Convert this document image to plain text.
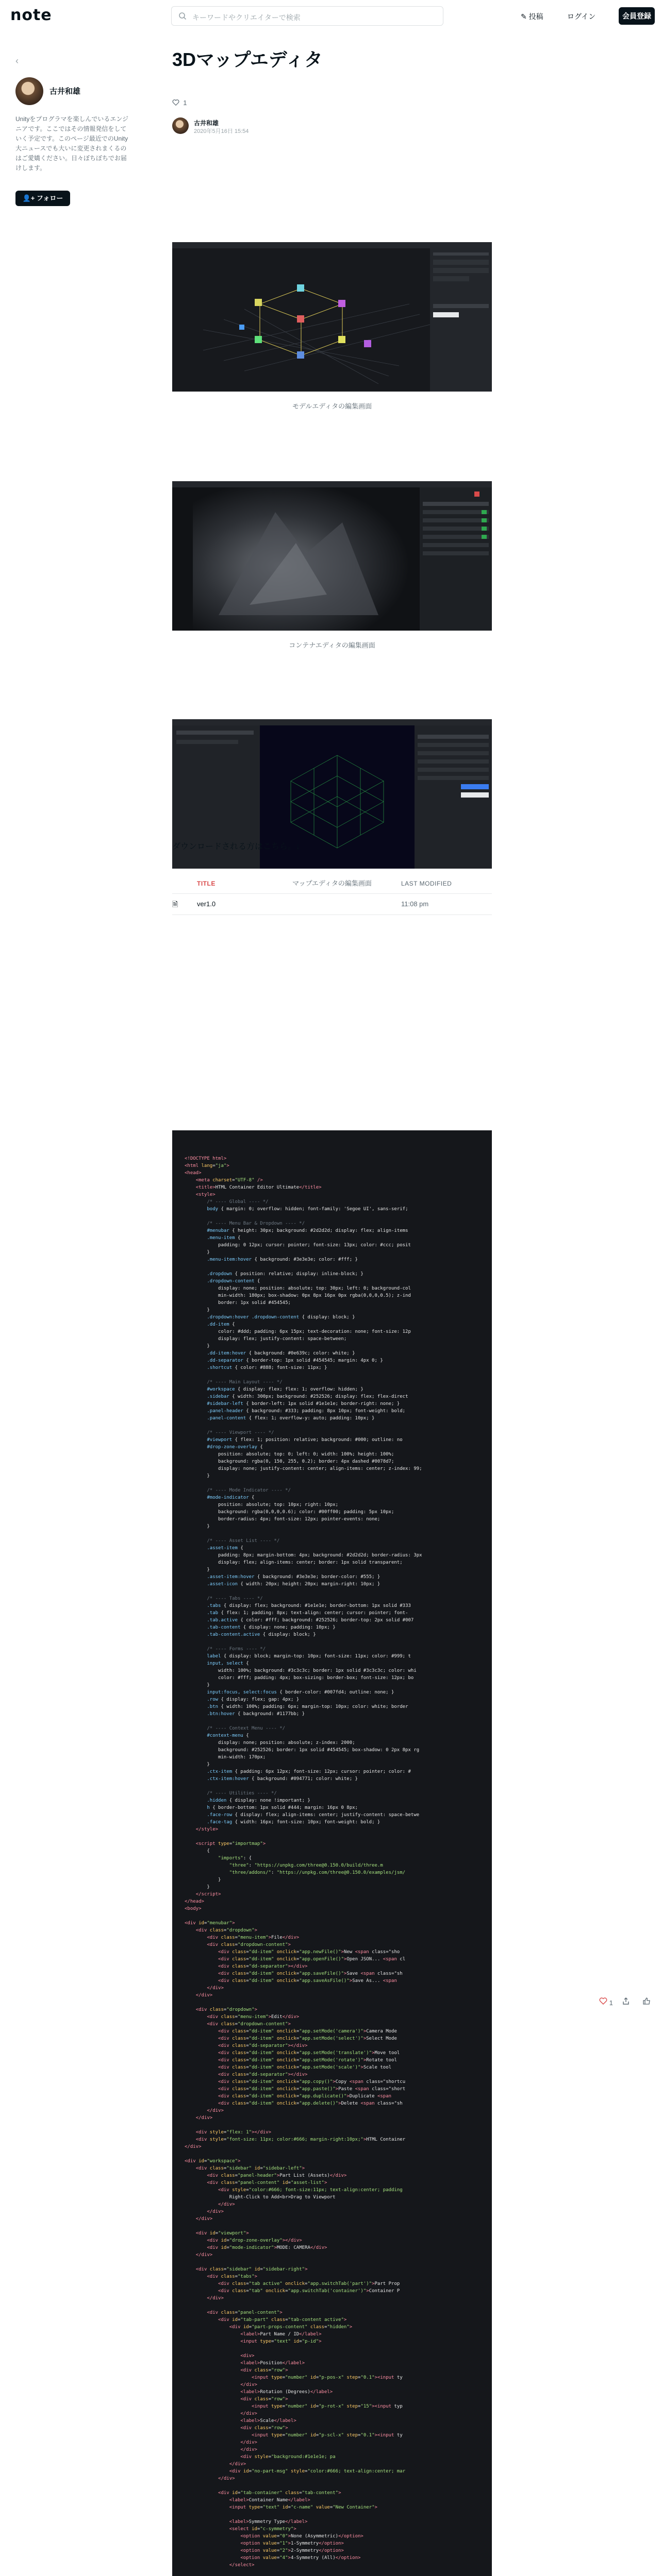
note	キーワードやクリエイターで検索	✎ 投稿	ログイン	会員登録
‹
古井和雄
Unityをプログラマを楽しんでいるエンジニアです。ここではその情報発信をしていく予定です。このページ最近でのUnity大ニュースでも大いに変更されまくるのはご愛嬌ください。日々ぼちぼちでお届けします。
👤+ フォロー
3Dマップエディタ
1
古井和雄
2020年5月16日 15:54
モデルエディタの編集画面
コンテナエディタの編集画面
マップエディタの編集画面
ダウンロードされる方はこちら。↓
TITLE	LAST MODIFIED
🗎	ver1.0	11:08 pm
<!DOCTYPE html>
<html lang="ja">
<head>
<meta charset="UTF-8" />
<title>HTML Container Editor Ultimate</title>
<style>
/* ---- Global ---- */
body { margin: 0; overflow: hidden; font-family: 'Segoe UI', sans-serif;

/* ---- Menu Bar & Dropdown ---- */
#menubar { height: 30px; background: #2d2d2d; display: flex; align-items
.menu-item {
padding: 0 12px; cursor: pointer; font-size: 13px; color: #ccc; posit
}
.menu-item:hover { background: #3e3e3e; color: #fff; }

.dropdown { position: relative; display: inline-block; }
.dropdown-content {
display: none; position: absolute; top: 30px; left: 0; background-col
min-width: 180px; box-shadow: 0px 8px 16px 0px rgba(0,0,0,0.5); z-ind
border: 1px solid #454545;
}
.dropdown:hover .dropdown-content { display: block; }
.dd-item {
color: #ddd; padding: 6px 15px; text-decoration: none; font-size: 12p
display: flex; justify-content: space-between;
}
.dd-item:hover { background: #0e639c; color: white; }
.dd-separator { border-top: 1px solid #454545; margin: 4px 0; }
.shortcut { color: #888; font-size: 11px; }

/* ---- Main Layout ---- */
#workspace { display: flex; flex: 1; overflow: hidden; }
.sidebar { width: 300px; background: #252526; display: flex; flex-direct
#sidebar-left { border-left: 1px solid #1e1e1e; border-right: none; }
.panel-header { background: #333; padding: 8px 10px; font-weight: bold;
.panel-content { flex: 1; overflow-y: auto; padding: 10px; }

/* ---- Viewport ---- */
#viewport { flex: 1; position: relative; background: #000; outline: no
#drop-zone-overlay {
position: absolute; top: 0; left: 0; width: 100%; height: 100%;
background: rgba(0, 150, 255, 0.2); border: 4px dashed #0078d7;
display: none; justify-content: center; align-items: center; z-index: 99;
}

/* ---- Mode Indicator ---- */
#mode-indicator {
position: absolute; top: 10px; right: 10px;
background: rgba(0,0,0,0.6); color: #00ff00; padding: 5px 10px;
border-radius: 4px; font-size: 12px; pointer-events: none;
}

/* ---- Asset List ---- */
.asset-item {
padding: 8px; margin-bottom: 4px; background: #2d2d2d; border-radius: 3px
display: flex; align-items: center; border: 1px solid transparent;
}
.asset-item:hover { background: #3e3e3e; border-color: #555; }
.asset-icon { width: 20px; height: 20px; margin-right: 10px; }

/* ---- Tabs ---- */
.tabs { display: flex; background: #1e1e1e; border-bottom: 1px solid #333
.tab { flex: 1; padding: 8px; text-align: center; cursor: pointer; font-
.tab.active { color: #fff; background: #252526; border-top: 2px solid #007
.tab-content { display: none; padding: 10px; }
.tab-content.active { display: block; }

/* ---- Forms ---- */
label { display: block; margin-top: 10px; font-size: 11px; color: #999; t
input, select {
width: 100%; background: #3c3c3c; border: 1px solid #3c3c3c; color: whi
color: #fff; padding: 4px; box-sizing: border-box; font-size: 12px; bo
}
input:focus, select:focus { border-color: #007fd4; outline: none; }
.row { display: flex; gap: 4px; }
.btn { width: 100%; padding: 6px; margin-top: 10px; color: white; border
.btn:hover { background: #1177bb; }

/* ---- Context Menu ---- */
#context-menu {
display: none; position: absolute; z-index: 2000;
background: #252526; border: 1px solid #454545; box-shadow: 0 2px 8px rg
min-width: 170px;
}
.ctx-item { padding: 6px 12px; font-size: 12px; cursor: pointer; color: #
.ctx-item:hover { background: #094771; color: white; }

/* ---- Utilities ---- */
.hidden { display: none !important; }
h { border-bottom: 1px solid #444; margin: 16px 0 8px;
.face-row { display: flex; align-items: center; justify-content: space-betwe
.face-tag { width: 16px; font-size: 10px; font-weight: bold; }
</style>

<script type="importmap">
{
"imports": {
"three": "https://unpkg.com/three@0.150.0/build/three.m
"three/addons/": "https://unpkg.com/three@0.150.0/examples/jsm/
}
}
</script>
</head>
<body>

<div id="menubar">
<div class="dropdown">
<div class="menu-item">File</div>
<div class="dropdown-content">
<div class="dd-item" onclick="app.newFile()">New <span class="sho
<div class="dd-item" onclick="app.openFile()">Open JSON... <span cl
<div class="dd-separator"></div>
<div class="dd-item" onclick="app.saveFile()">Save <span class="sh
<div class="dd-item" onclick="app.saveAsFile()">Save As... <span
</div>
</div>

<div class="dropdown">
<div class="menu-item">Edit</div>
<div class="dropdown-content">
<div class="dd-item" onclick="app.setMode('camera')">Camera Mode
<div class="dd-item" onclick="app.setMode('select')">Select Mode
<div class="dd-separator"></div>
<div class="dd-item" onclick="app.setMode('translate')">Move tool
<div class="dd-item" onclick="app.setMode('rotate')">Rotate tool
<div class="dd-item" onclick="app.setMode('scale')">Scale tool
<div class="dd-separator"></div>
<div class="dd-item" onclick="app.copy()">Copy <span class="shortcu
<div class="dd-item" onclick="app.paste()">Paste <span class="short
<div class="dd-item" onclick="app.duplicate()">Duplicate <span
<div class="dd-item" onclick="app.delete()">Delete <span class="sh
</div>
</div>

<div style="flex: 1"></div>
<div style="font-size: 11px; color:#666; margin-right:10px;">HTML Container
</div>

<div id="workspace">
<div class="sidebar" id="sidebar-left">
<div class="panel-header">Part List (Assets)</div>
<div class="panel-content" id="asset-list">
<div style="color:#666; font-size:11px; text-align:center; padding
Right-Click to Add<br>Drag to Viewport
</div>
</div>
</div>

<div id="viewport">
<div id="drop-zone-overlay"></div>
<div id="mode-indicator">MODE: CAMERA</div>
</div>

<div class="sidebar" id="sidebar-right">
<div class="tabs">
<div class="tab active" onclick="app.switchTab('part')">Part Prop
<div class="tab" onclick="app.switchTab('container')">Container P
</div>

<div class="panel-content">
<div id="tab-part" class="tab-content active">
<div id="part-props-content" class="hidden">
<label>Part Name / ID</label>
<input type="text" id="p-id">

<div>
<label>Position</label>
<div class="row">
<input type="number" id="p-pos-x" step="0.1"><input ty
</div>
<label>Rotation (Degrees)</label>
<div class="row">
<input type="number" id="p-rot-x" step="15"><input typ
</div>
<label>Scale</label>
<div class="row">
<input type="number" id="p-scl-x" step="0.1"><input ty
</div>
</div>
<div style="background:#1e1e1e; pa
</div>
<div id="no-part-msg" style="color:#666; text-align:center; mar
</div>

<div id="tab-container" class="tab-content">
<label>Container Name</label>
<input type="text" id="c-name" value="New Container">

<label>Symmetry Type</label>
<select id="c-symmetry">
<option value="0">None (Asymmetric)</option>
<option value="1">1-Symmetry</option>
<option value="2">2-Symmetry</option>
<option value="4">4-Symmetry (All)</option>
</select>

1
